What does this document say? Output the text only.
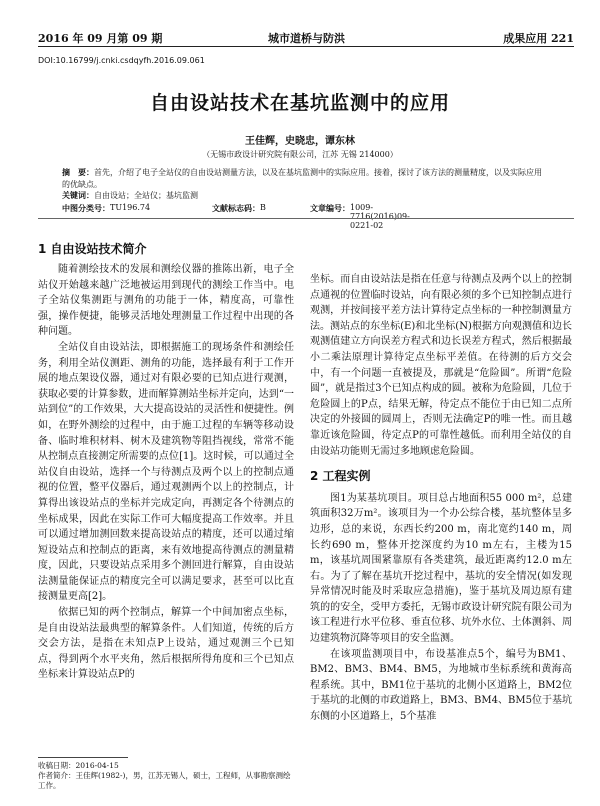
2016 年 09 月第 09 期	城市道桥与防洪	成果应用 221
DOI:10.16799/j.cnki.csdqyfh.2016.09.061
自由设站技术在基坑监测中的应用
王佳辉，史晓忠，谭东林
（无锡市政设计研究院有限公司，江苏 无锡 214000）
摘　要：首先，介绍了电子全站仪的自由设站测量方法，以及在基坑监测中的实际应用。接着，探讨了该方法的测量精度，以及实际应用的优缺点。
关键词：自由设站；全站仪；基坑监测
中图分类号： TU196.74	文献标志码： B	文章编号： 1009-7716(2016)09-0221-02
1 自由设站技术简介

随着测绘技术的发展和测绘仪器的推陈出新，电子全站仪开始越来越广泛地被运用到现代的测绘工作当中。电子全站仪集测距与测角的功能于一体，精度高，可靠性强，操作便捷，能够灵活地处理测量工作过程中出现的各种问题。

全站仪自由设站法，即根据施工的现场条件和测绘任务，利用全站仪测距、测角的功能，选择最有利于工作开展的地点架设仪器，通过对有限必要的已知点进行观测，获取必要的计算参数，进而解算测站坐标并定向，达到“一站到位”的工作效果，大大提高设站的灵活性和便捷性。例如，在野外测绘的过程中，由于施工过程的车辆等移动设备、临时堆积材料、树木及建筑物等阻挡视线，常常不能从控制点直接测定所需要的点位[1]。这时候，可以通过全站仪自由设站，选择一个与待测点及两个以上的控制点通视的位置，整平仪器后，通过观测两个以上的控制点，计算得出该设站点的坐标并完成定向，再测定各个待测点的坐标成果，因此在实际工作可大幅度提高工作效率。并且可以通过增加测回数来提高设站点的精度，还可以通过缩短设站点和控制点的距离，来有效地提高待测点的测量精度，因此，只要设站点采用多个测回进行解算，自由设站法测量能保证点的精度完全可以满足要求，甚至可以比直接测量更高[2]。

依据已知的两个控制点，解算一个中间加密点坐标，是自由设站法最典型的解算条件。人们知道，传统的后方交会方法，是指在未知点P上设站，通过观测三个已知点，得到两个水平夹角，然后根据所得角度和三个已知点坐标来计算设站点P的

坐标。而自由设站法是指在任意与待测点及两个以上的控制点通视的位置临时设站，向有限必须的多个已知控制点进行观测，并按间接平差方法计算待定点坐标的一种控制测量方法。测站点的东坐标(E)和北坐标(N)根据方向观测值和边长观测值建立方向误差方程式和边长误差方程式，然后根据最小二乘法原理计算待定点坐标平差值。在待测的后方交会中，有一个问题一直被提及，那就是“危险圆”。所谓“危险圆”，就是指过3个已知点构成的圆。被称为危险圆，几位于危险圆上的P点，结果无解，待定点不能位于由已知二点所决定的外接圆的圆周上，否则无法确定P的唯一性。而且越靠近该危险圆，待定点P的可靠性越低。而利用全站仪的自由设站功能则无需过多地顾虑危险圆。

2 工程实例

图1为某基坑项目。项目总占地面积55 000 m²，总建筑面积32万m²。该项目为一个办公综合楼，基坑整体呈多边形，总的来说，东西长约200 m，南北宽约140 m，周长约690 m，整体开挖深度约为10 m左右，主楼为15 m，该基坑周围紧靠原有各类建筑，最近距离约12.0 m左右。为了了解在基坑开挖过程中，基坑的安全情况(如发现异常情况时能及时采取应急措施)，鉴于基坑及周边原有建筑的的安全，受甲方委托，无锡市政设计研究院有限公司为该工程进行水平位移、垂直位移、坑外水位、土体测斜、周边建筑物沉降等项目的安全监测。

在该项监测项目中，布设基准点5个，编号为BM1、BM2、BM3、BM4、BM5，为地城市坐标系统和黄海高程系统。其中，BM1位于基坑的北侧小区道路上，BM2位于基坑的北侧的市政道路上，BM3、BM4、BM5位于基坑东侧的小区道路上，5个基准

收稿日期：2016-04-15
作者简介：王佳辉(1982-)，男，江苏无锡人，硕士，工程师，从事勘察测绘工作。
